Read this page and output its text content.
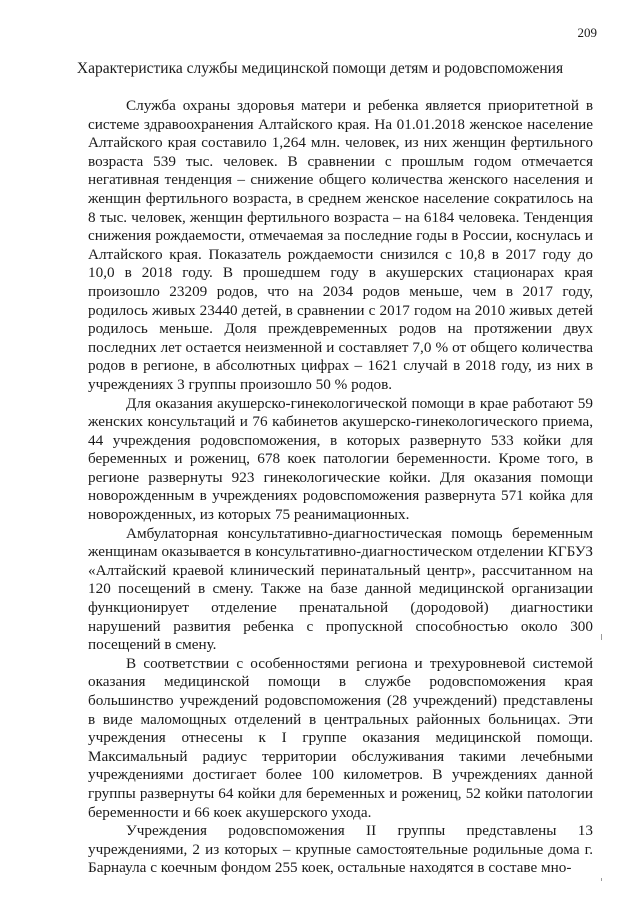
209
Характеристика службы медицинской помощи детям и родовспоможения

Служба охраны здоровья матери и ребенка является приоритетной в системе здравоохранения Алтайского края. На 01.01.2018 женское население Алтайского края составило 1,264 млн. человек, из них женщин фертильного возраста 539 тыс. человек. В сравнении с прошлым годом отмечается негативная тенденция – снижение общего количества женского населения и женщин фертильного возраста, в среднем женское население сократилось на 8 тыс. человек, женщин фертильного возраста – на 6184 человека. Тенденция снижения рождаемости, отмечаемая за последние годы в России, коснулась и Алтайского края. Показатель рождаемости снизился с 10,8 в 2017 году до 10,0 в 2018 году. В прошедшем году в акушерских стационарах края произошло 23209 родов, что на 2034 родов меньше, чем в 2017 году, родилось живых 23440 детей, в сравнении с 2017 годом на 2010 живых детей родилось меньше. Доля преждевременных родов на протяжении двух последних лет остается неизменной и составляет 7,0 % от общего количества родов в регионе, в абсолютных цифрах – 1621 случай в 2018 году, из них в учреждениях 3 группы произошло 50 % родов.

Для оказания акушерско-гинекологической помощи в крае работают 59 женских консультаций и 76 кабинетов акушерско-гинекологического приема, 44 учреждения родовспоможения, в которых развернуто 533 койки для беременных и рожениц, 678 коек патологии беременности. Кроме того, в регионе развернуты 923 гинекологические койки. Для оказания помощи новорожденным в учреждениях родовспоможения развернута 571 койка для новорожденных, из которых 75 реанимационных.

Амбулаторная консультативно-диагностическая помощь беременным женщинам оказывается в консультативно-диагностическом отделении КГБУЗ «Алтайский краевой клинический перинатальный центр», рассчитанном на 120 посещений в смену. Также на базе данной медицинской организации функционирует отделение пренатальной (дородовой) диагностики нарушений развития ребенка с пропускной способностью около 300 посещений в смену.

В соответствии с особенностями региона и трехуровневой системой оказания медицинской помощи в службе родовспоможения края большинство учреждений родовспоможения (28 учреждений) представлены в виде маломощных отделений в центральных районных больницах. Эти учреждения отнесены к I группе оказания медицинской помощи. Максимальный радиус территории обслуживания такими лечебными учреждениями достигает более 100 километров. В учреждениях данной группы развернуты 64 койки для беременных и рожениц, 52 койки патологии беременности и 66 коек акушерского ухода.

Учреждения родовспоможения II группы представлены 13 учреждениями, 2 из которых – крупные самостоятельные родильные дома г. Барнаула с коечным фондом 255 коек, остальные находятся в составе мно-
